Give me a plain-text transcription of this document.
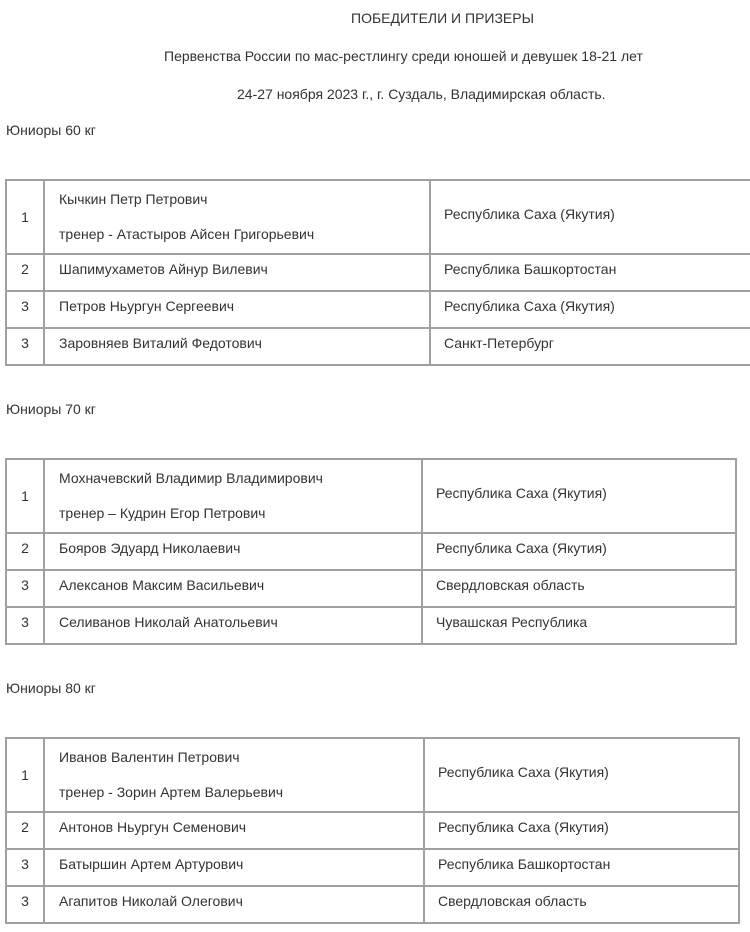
ПОБЕДИТЕЛИ И ПРИЗЕРЫ
Первенства России по мас-рестлингу среди юношей и девушек 18-21 лет
24-27 ноября 2023 г., г. Суздаль, Владимирская область.
Юниоры 60 кг
1	Кычкин Петр Петрович
тренер - Атастыров Айсен Григорьевич	Республика Саха (Якутия)

2	Шапимухаметов Айнур Вилевич	Республика Башкортостан

3	Петров Ньургун Сергеевич	Республика Саха (Якутия)

3	Заровняев Виталий Федотович	Санкт-Петербург
Юниоры 70 кг
1	Мохначевский Владимир Владимирович
тренер – Кудрин Егор Петрович	Республика Саха (Якутия)

2	Бояров Эдуард Николаевич	Республика Саха (Якутия)

3	Алексанов Максим Васильевич	Свердловская область

3	Селиванов Николай Анатольевич	Чувашская Республика
Юниоры 80 кг
1	Иванов Валентин Петрович
тренер - Зорин Артем Валерьевич	Республика Саха (Якутия)

2	Антонов Ньургун Семенович	Республика Саха (Якутия)

3	Батыршин Артем Артурович	Республика Башкортостан

3	Агапитов Николай Олегович	Свердловская область
